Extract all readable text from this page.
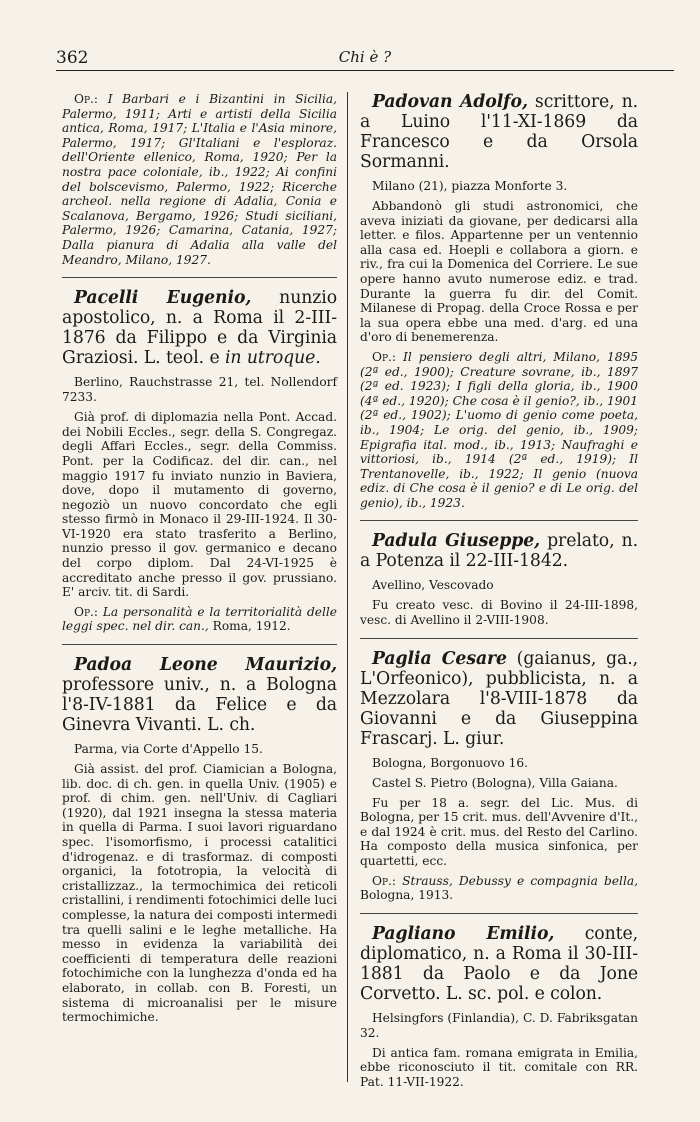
362	Chi è ?

Op.: I Barbari e i Bizantini in Sicilia, Palermo, 1911; Arti e artisti della Sicilia antica, Roma, 1917; L'Italia e l'Asia minore, Palermo, 1917; Gl'Italiani e l'esploraz. dell'Oriente ellenico, Roma, 1920; Per la nostra pace coloniale, ib., 1922; Ai confini del bolscevismo, Palermo, 1922; Ricerche archeol. nella regione di Adalia, Conia e Scalanova, Bergamo, 1926; Studi siciliani, Palermo, 1926; Camarina, Catania, 1927; Dalla pianura di Adalia alla valle del Meandro, Milano, 1927.

Pacelli Eugenio, nunzio apostolico, n. a Roma il 2-III-1876 da Filippo e da Virginia Graziosi. L. teol. e in utroque.

Berlino, Rauchstrasse 21, tel. Nollendorf 7233.

Già prof. di diplomazia nella Pont. Accad. dei Nobili Eccles., segr. della S. Congregaz. degli Affari Eccles., segr. della Commiss. Pont. per la Codificaz. del dir. can., nel maggio 1917 fu inviato nunzio in Baviera, dove, dopo il mutamento di governo, negoziò un nuovo concordato che egli stesso firmò in Monaco il 29-III-1924. Il 30-VI-1920 era stato trasferito a Berlino, nunzio presso il gov. germanico e decano del corpo diplom. Dal 24-VI-1925 è accreditato anche presso il gov. prussiano. E' arciv. tit. di Sardi.

Op.: La personalità e la territorialità delle leggi spec. nel dir. can., Roma, 1912.

Padoa Leone Maurizio, professore univ., n. a Bologna l'8-IV-1881 da Felice e da Ginevra Vivanti. L. ch.

Parma, via Corte d'Appello 15.

Già assist. del prof. Ciamician a Bologna, lib. doc. di ch. gen. in quella Univ. (1905) e prof. di chim. gen. nell'Univ. di Cagliari (1920), dal 1921 insegna la stessa materia in quella di Parma. I suoi lavori riguardano spec. l'isomorfismo, i processi catalitici d'idrogenaz. e di trasformaz. di composti organici, la fototropia, la velocità di cristallizzaz., la termochimica dei reticoli cristallini, i rendimenti fotochimici delle luci complesse, la natura dei composti intermedi tra quelli salini e le leghe metalliche. Ha messo in evidenza la variabilità dei coefficienti di temperatura delle reazioni fotochimiche con la lunghezza d'onda ed ha elaborato, in collab. con B. Foresti, un sistema di microanalisi per le misure termochimiche.

Padovan Adolfo, scrittore, n. a Luino l'11-XI-1869 da Francesco e da Orsola Sormanni.

Milano (21), piazza Monforte 3.

Abbandonò gli studi astronomici, che aveva iniziati da giovane, per dedicarsi alla letter. e filos. Appartenne per un ventennio alla casa ed. Hoepli e collabora a giorn. e riv., fra cui la Domenica del Corriere. Le sue opere hanno avuto numerose ediz. e trad. Durante la guerra fu dir. del Comit. Milanese di Propag. della Croce Rossa e per la sua opera ebbe una med. d'arg. ed una d'oro di benemerenza.

Op.: Il pensiero degli altri, Milano, 1895 (2ª ed., 1900); Creature sovrane, ib., 1897 (2ª ed. 1923); I figli della gloria, ib., 1900 (4ª ed., 1920); Che cosa è il genio?, ib., 1901 (2ª ed., 1902); L'uomo di genio come poeta, ib., 1904; Le orig. del genio, ib., 1909; Epigrafia ital. mod., ib., 1913; Naufraghi e vittoriosi, ib., 1914 (2ª ed., 1919); Il Trentanovelle, ib., 1922; Il genio (nuova ediz. di Che cosa è il genio? e di Le orig. del genio), ib., 1923.

Padula Giuseppe, prelato, n. a Potenza il 22-III-1842.

Avellino, Vescovado

Fu creato vesc. di Bovino il 24-III-1898, vesc. di Avellino il 2-VIII-1908.

Paglia Cesare (gaianus, ga., L'Orfeonico), pubblicista, n. a Mezzolara l'8-VIII-1878 da Giovanni e da Giuseppina Frascarj. L. giur.

Bologna, Borgonuovo 16.

Castel S. Pietro (Bologna), Villa Gaiana.

Fu per 18 a. segr. del Lic. Mus. di Bologna, per 15 crit. mus. dell'Avvenire d'It., e dal 1924 è crit. mus. del Resto del Carlino. Ha composto della musica sinfonica, per quartetti, ecc.

Op.: Strauss, Debussy e compagnia bella, Bologna, 1913.

Pagliano Emilio, conte, diplomatico, n. a Roma il 30-III-1881 da Paolo e da Jone Corvetto. L. sc. pol. e colon.

Helsingfors (Finlandia), C. D. Fabriksgatan 32.

Di antica fam. romana emigrata in Emilia, ebbe riconosciuto il tit. comitale con RR. Pat. 11-VII-1922.
